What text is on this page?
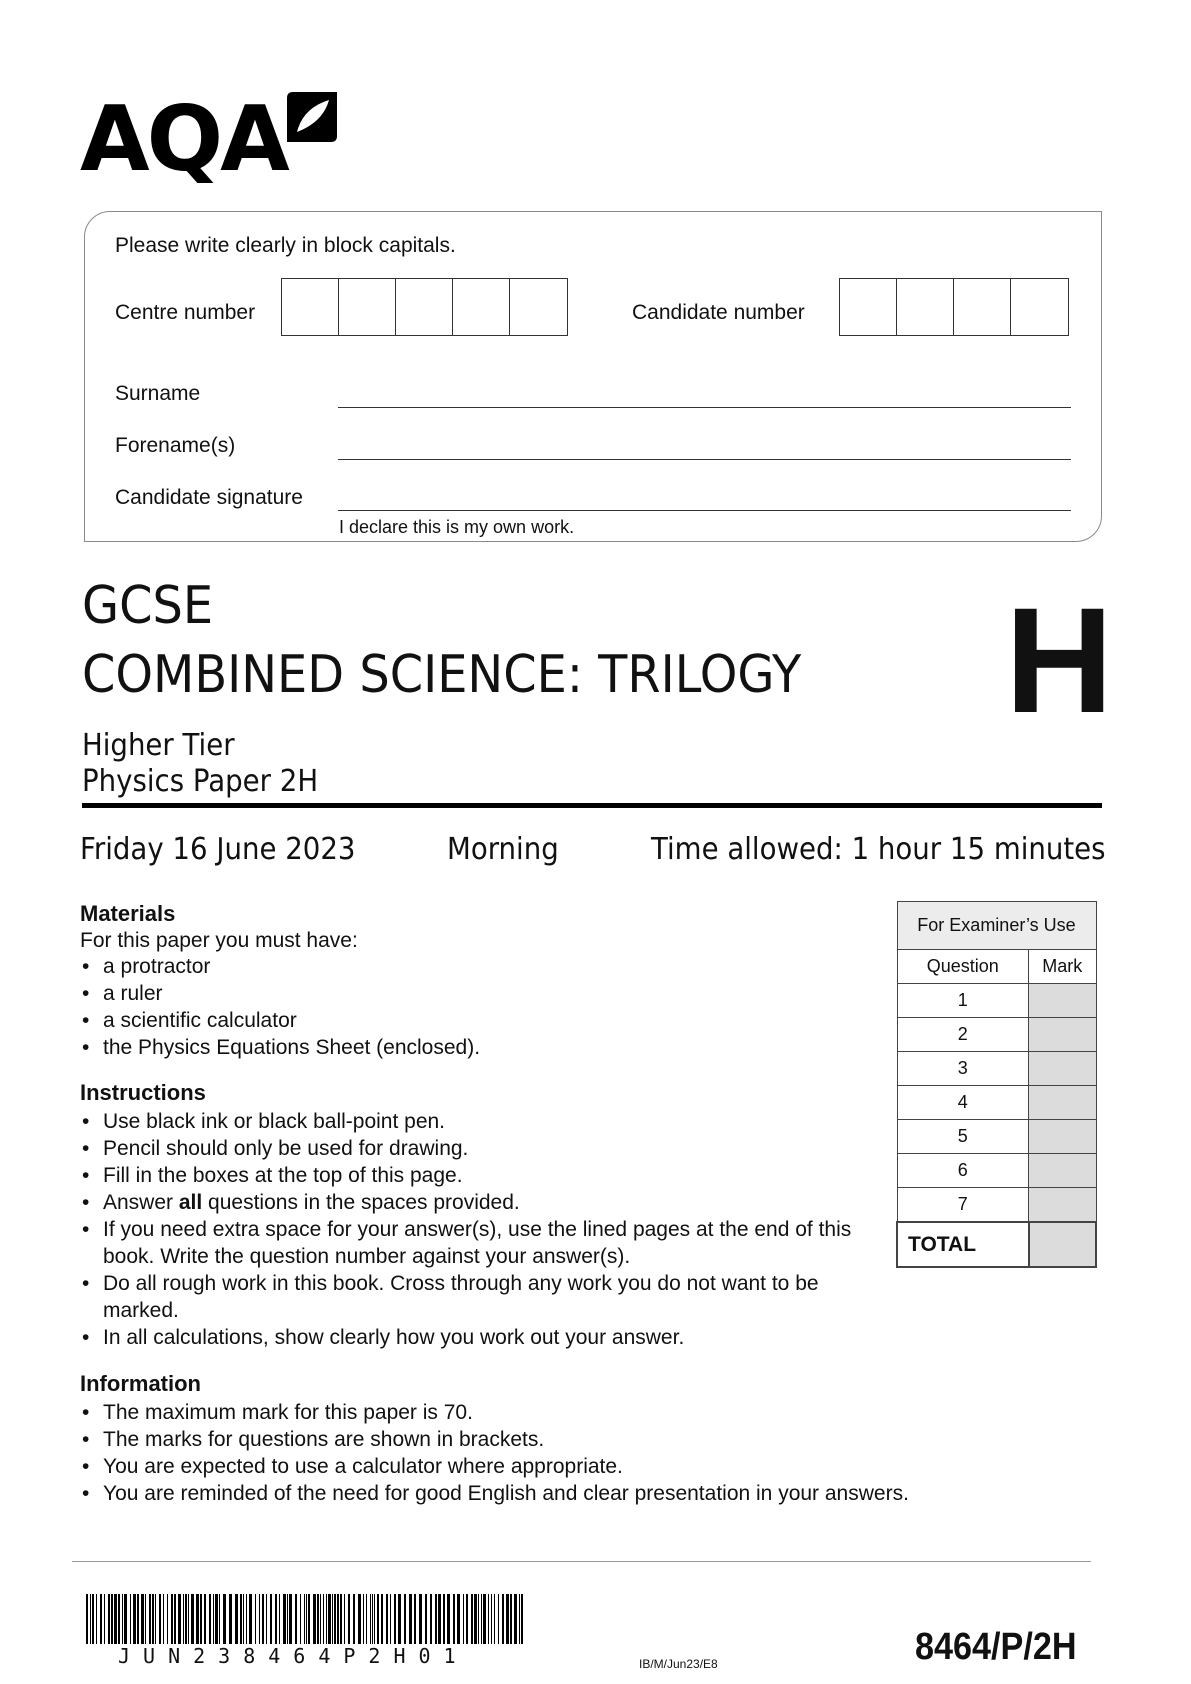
AQA
Please write clearly in block capitals.
Centre number	Candidate number
Surname
Forename(s)
Candidate signature
I declare this is my own work.
GCSE
COMBINED SCIENCE: TRILOGY H
Higher Tier
Physics Paper 2H
Friday 16 June 2023	Morning	Time allowed: 1 hour 15 minutes
Materials
For this paper you must have:
• a protractor
• a ruler
• a scientific calculator
• the Physics Equations Sheet (enclosed).
Instructions
• Use black ink or black ball-point pen.
• Pencil should only be used for drawing.
• Fill in the boxes at the top of this page.
• Answer all questions in the spaces provided.
• If you need extra space for your answer(s), use the lined pages at the end of this book. Write the question number against your answer(s).
• Do all rough work in this book. Cross through any work you do not want to be marked.
• In all calculations, show clearly how you work out your answer.
Information
• The maximum mark for this paper is 70.
• The marks for questions are shown in brackets.
• You are expected to use a calculator where appropriate.
• You are reminded of the need for good English and clear presentation in your answers.
For Examiner’s Use	
Question	Mark
1	
2	
3	
4	
5	
6	
7	
TOTAL	
JUN238464P2H01	IB/M/Jun23/E8	8464/P/2H
